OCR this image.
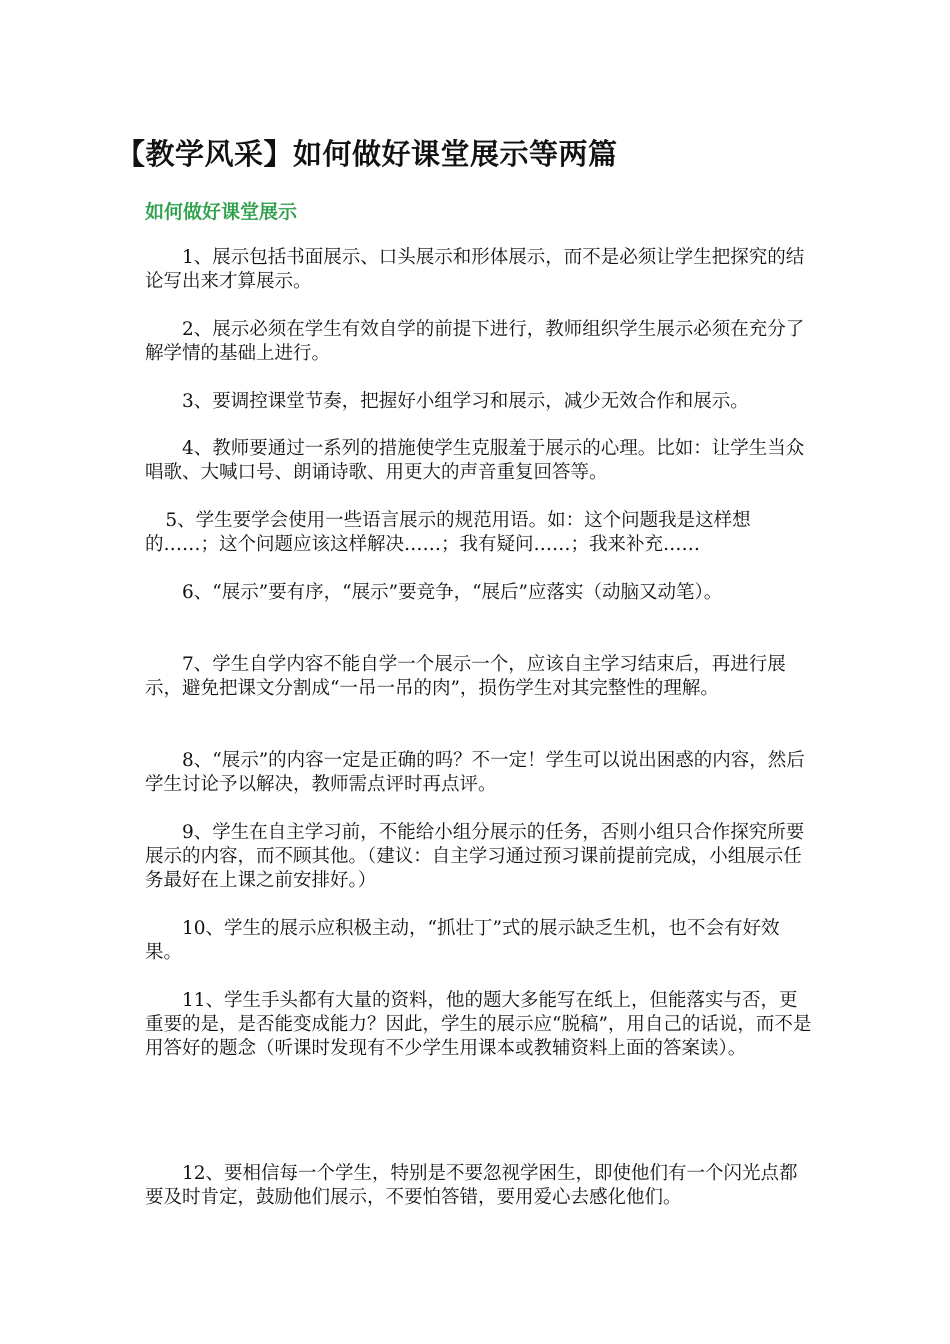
【教学风采】如何做好课堂展示等两篇
如何做好课堂展示

1、展示包括书面展示、口头展示和形体展示，而不是必须让学生把探究的结论写出来才算展示。

2、展示必须在学生有效自学的前提下进行，教师组织学生展示必须在充分了解学情的基础上进行。

3、要调控课堂节奏，把握好小组学习和展示，减少无效合作和展示。

4、教师要通过一系列的措施使学生克服羞于展示的心理。比如：让学生当众唱歌、大喊口号、朗诵诗歌、用更大的声音重复回答等。

5、学生要学会使用一些语言展示的规范用语。如：这个问题我是这样想的……；这个问题应该这样解决……；我有疑问……；我来补充……

6、“展示”要有序，“展示”要竞争，“展后”应落实（动脑又动笔）。

7、学生自学内容不能自学一个展示一个，应该自主学习结束后，再进行展示，避免把课文分割成“一吊一吊的肉”，损伤学生对其完整性的理解。

8、“展示”的内容一定是正确的吗？不一定！学生可以说出困惑的内容，然后学生讨论予以解决，教师需点评时再点评。

9、学生在自主学习前，不能给小组分展示的任务，否则小组只合作探究所要展示的内容，而不顾其他。（建议：自主学习通过预习课前提前完成，小组展示任务最好在上课之前安排好。）

10、学生的展示应积极主动，“抓壮丁”式的展示缺乏生机，也不会有好效果。

11、学生手头都有大量的资料，他的题大多能写在纸上，但能落实与否，更重要的是，是否能变成能力？因此，学生的展示应“脱稿”，用自己的话说，而不是用答好的题念（听课时发现有不少学生用课本或教辅资料上面的答案读）。

12、要相信每一个学生，特别是不要忽视学困生，即使他们有一个闪光点都要及时肯定，鼓励他们展示，不要怕答错，要用爱心去感化他们。
